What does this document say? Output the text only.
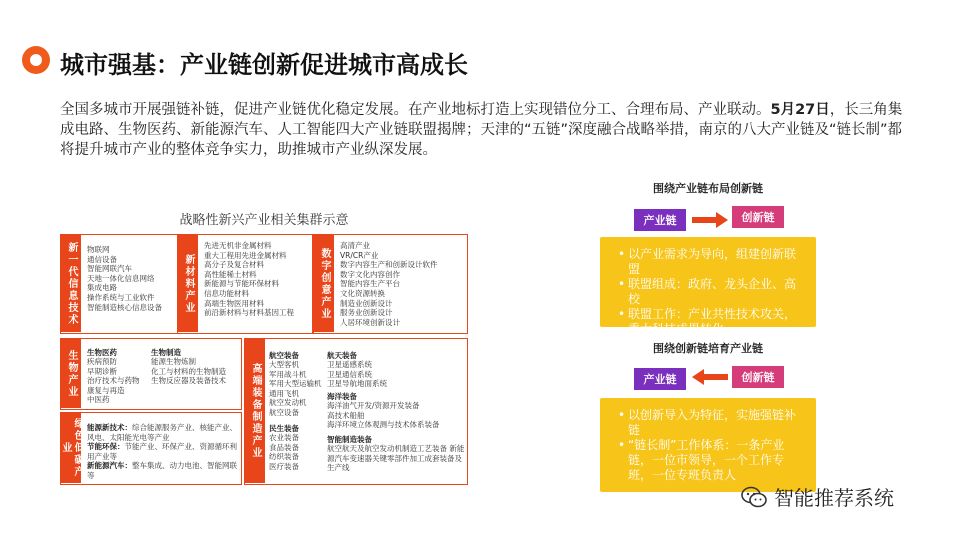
城市强基：产业链创新促进城市高成长
全国多城市开展强链补链，促进产业链优化稳定发展。在产业地标打造上实现错位分工、合理布局、产业联动。5月27日，长三角集成电路、生物医药、新能源汽车、人工智能四大产业链联盟揭牌；天津的“五链”深度融合战略举措，南京的八大产业链及“链长制”都将提升城市产业的整体竞争实力，助推城市产业纵深发展。
战略性新兴产业相关集群示意
新一代信息技术 物联网
通信设备
智能网联汽车
天地一体化信息网络
集成电路
操作系统与工业软件
智能制造核心信息设备	新材料产业
先进无机非金属材料
重大工程用先进金属材料
高分子及复合材料
高性能稀土材料
新能源与节能环保材料
信息功能材料
高端生物医用材料
前沿新材料与材料基因工程	数字创意产业
高清产业
VR/CR产业
数字内容生产和创新设计软件
数字文化内容创作
智能内容生产平台
文化资源转换
制造业创新设计
服务业创新设计
人居环境创新设计
生物产业 生物医药
疾病预防
早期诊断
治疗技术与药物
康复与再造
中医药
生物制造
能源生物炼制
化工与材料的生物制造
生物反应器及装备技术
绿色低碳产业
能源新技术：综合能源服务产业、核能产业、风电、太阳能光电等产业
节能环保：节能产业、环保产业、资源循环利用产业等
新能源汽车：整车集成、动力电池、智能网联等
高端装备制造产业
航空装备
大型客机
军用战斗机
军用大型运输机
通用飞机
航空发动机
航空设备
民生装备
农业装备
食品装备
纺织装备
医疗装备
航天装备
卫星遥感系统
卫星通信系统
卫星导航地面系统
海洋装备
海洋油气开发/资源开发装备
高技术船舶
海洋环境立体观测与技术体系装备
智能制造装备
航空航天及航空发动机制造工艺装备 新能源汽车变速器关键零部件加工成套装备及生产线
围绕产业链布局创新链
产业链	创新链
• 以产业需求为导向，组建创新联盟
• 联盟组成：政府、龙头企业、高校
• 联盟工作：产业共性技术攻关，重大科技成果转化
围绕创新链培育产业链
产业链	创新链
• 以创新导入为特征，实施强链补链
• “链长制”工作体系：一条产业链，一位市领导，一个工作专班，一位专班负责人
智能推荐系统
